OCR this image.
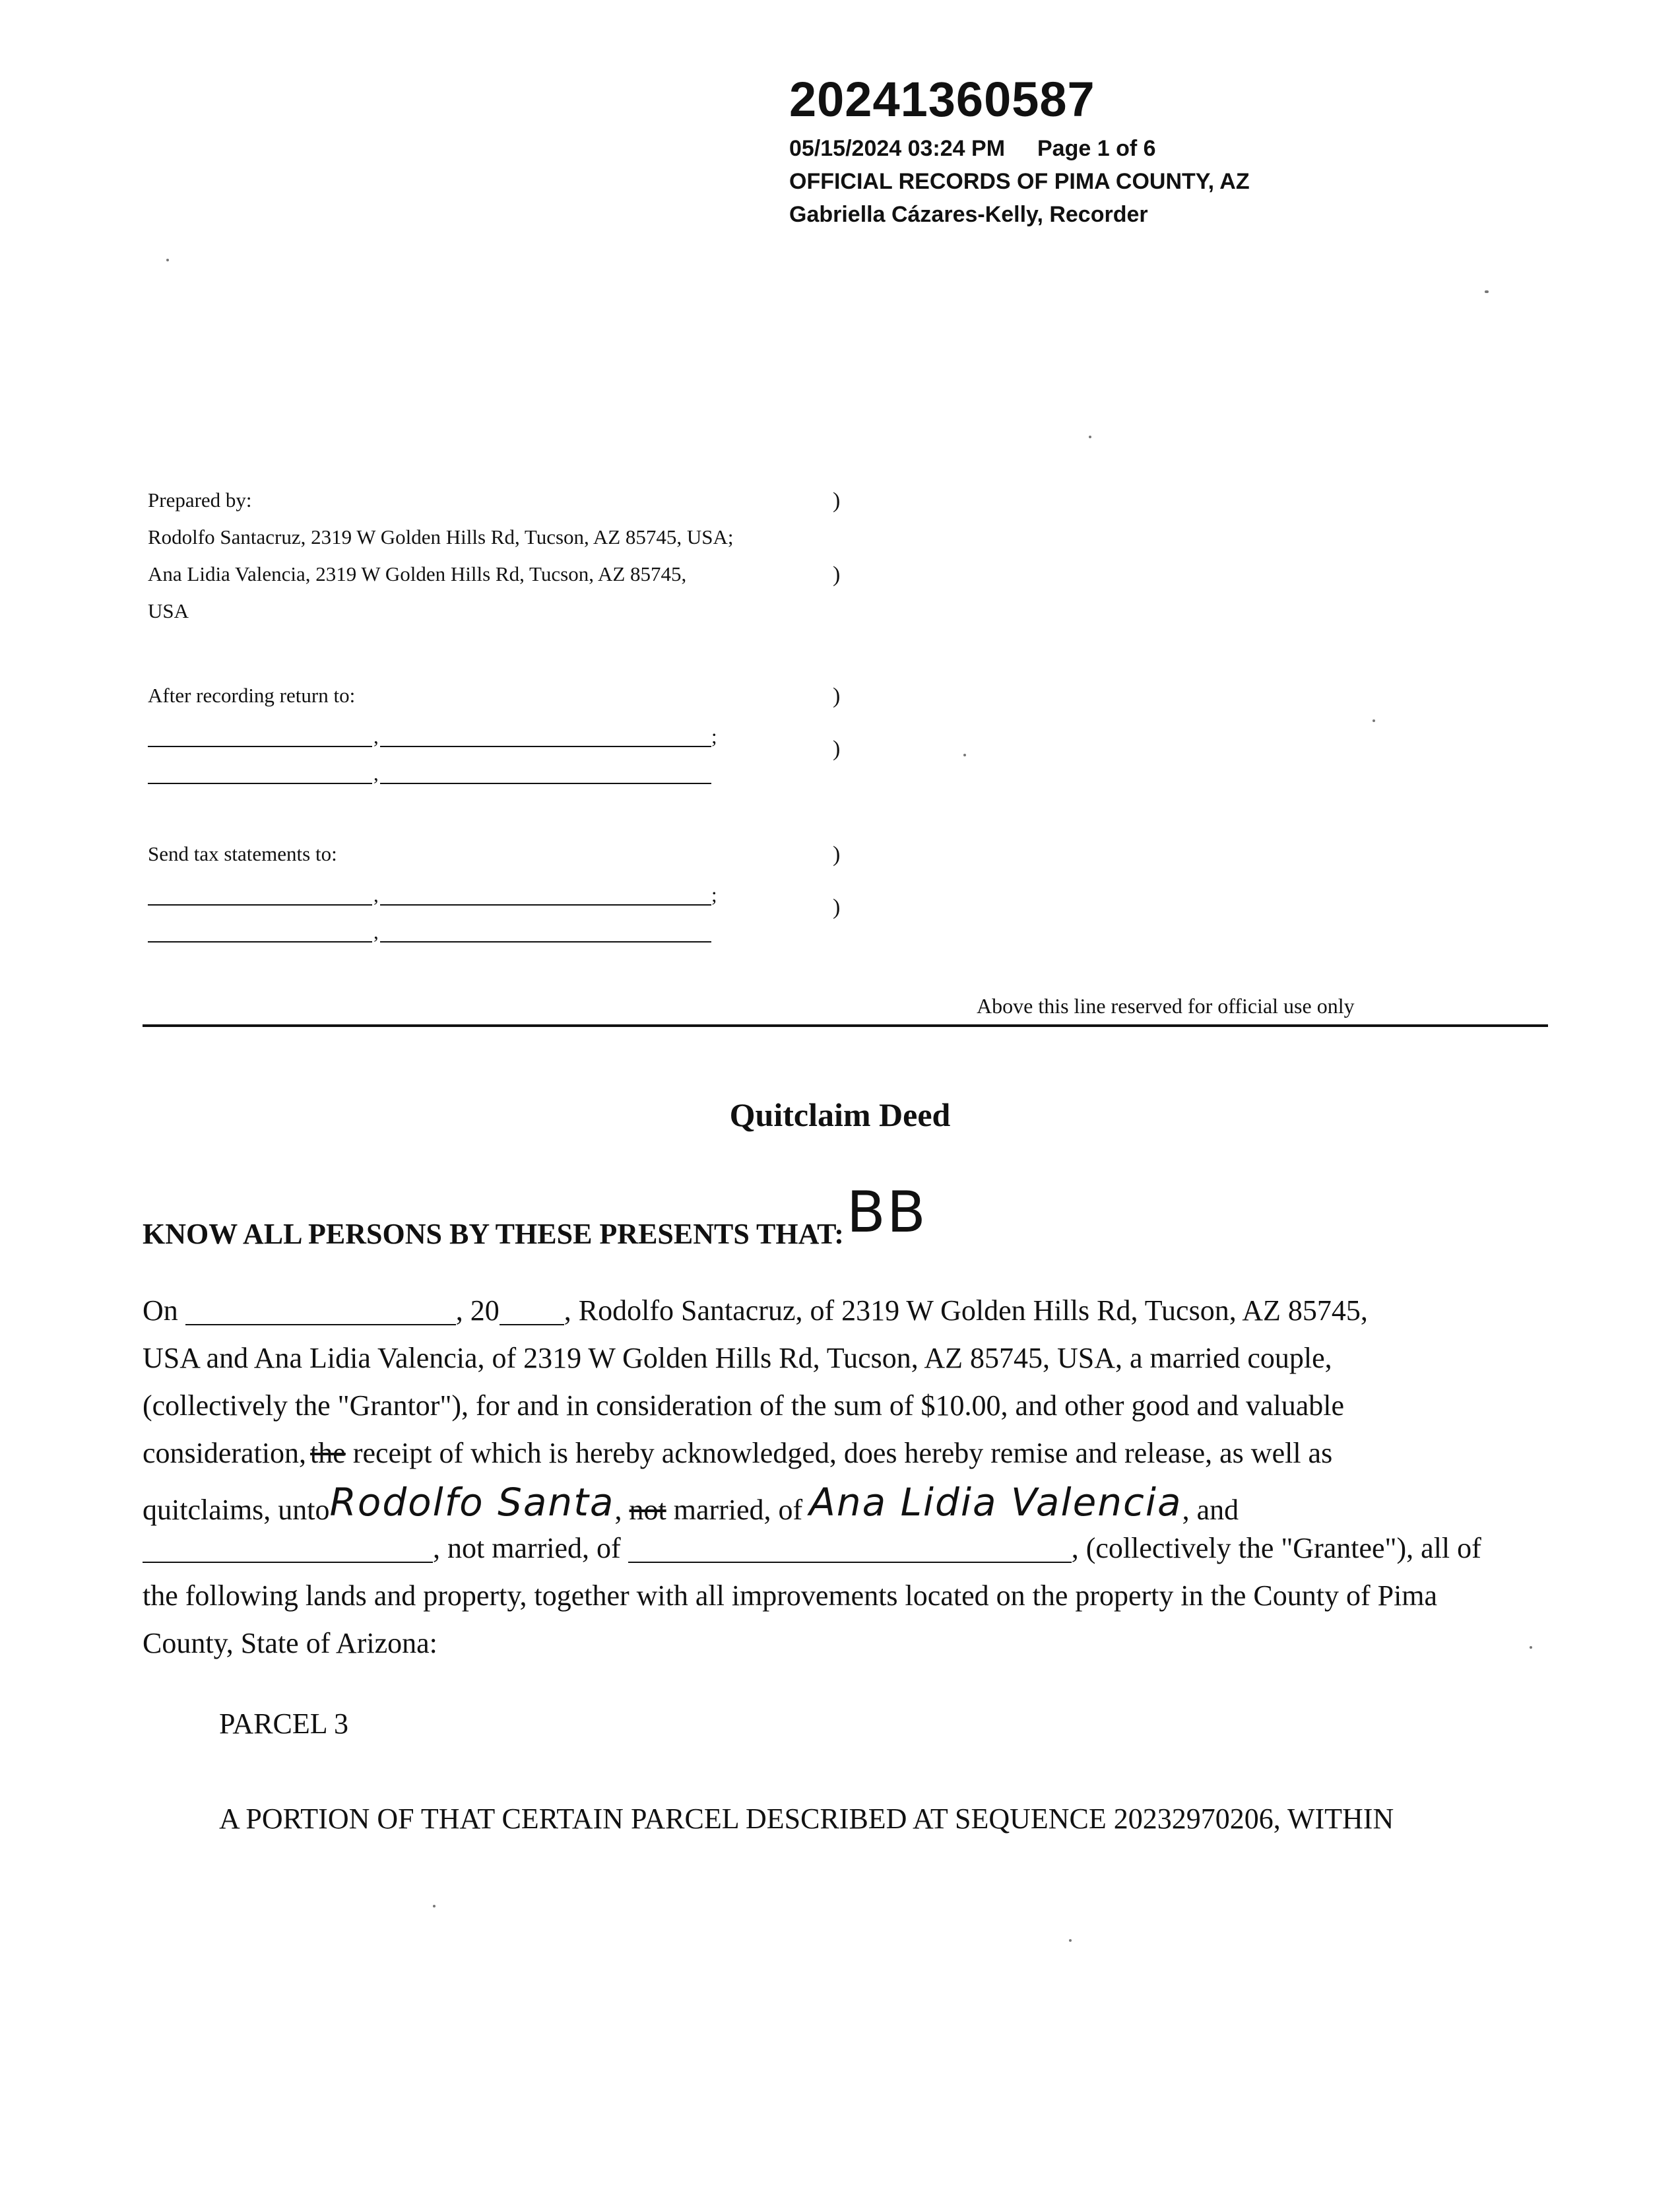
20241360587
05/15/2024 03:24 PM Page 1 of 6
OFFICIAL RECORDS OF PIMA COUNTY, AZ
Gabriella Cázares-Kelly, Recorder
Prepared by:
Rodolfo Santacruz, 2319 W Golden Hills Rd, Tucson, AZ 85745, USA;
Ana Lidia Valencia, 2319 W Golden Hills Rd, Tucson, AZ 85745,
USA
)
)
After recording return to:	)
)
,	;
,
Send tax statements to:	)
)
,	;
,
Above this line reserved for official use only
Quitclaim Deed
KNOW ALL PERSONS BY THESE PRESENTS THAT:BB
On	, 20 , Rodolfo Santacruz, of 2319 W Golden Hills Rd, Tucson, AZ 85745,
USA and Ana Lidia Valencia, of 2319 W Golden Hills Rd, Tucson, AZ 85745, USA, a married couple,
(collectively the "Grantor"), for and in consideration of the sum of $10.00, and other good and valuable
consideration, the receipt of which is hereby acknowledged, does hereby remise and release, as well as
quitclaims, untoRodolfo Santa, not married, of Ana Lidia Valencia, and
, not married, of	, (collectively the "Grantee"), all of
the following lands and property, together with all improvements located on the property in the County of Pima
County, State of Arizona:
PARCEL 3
A PORTION OF THAT CERTAIN PARCEL DESCRIBED AT SEQUENCE 20232970206, WITHIN
